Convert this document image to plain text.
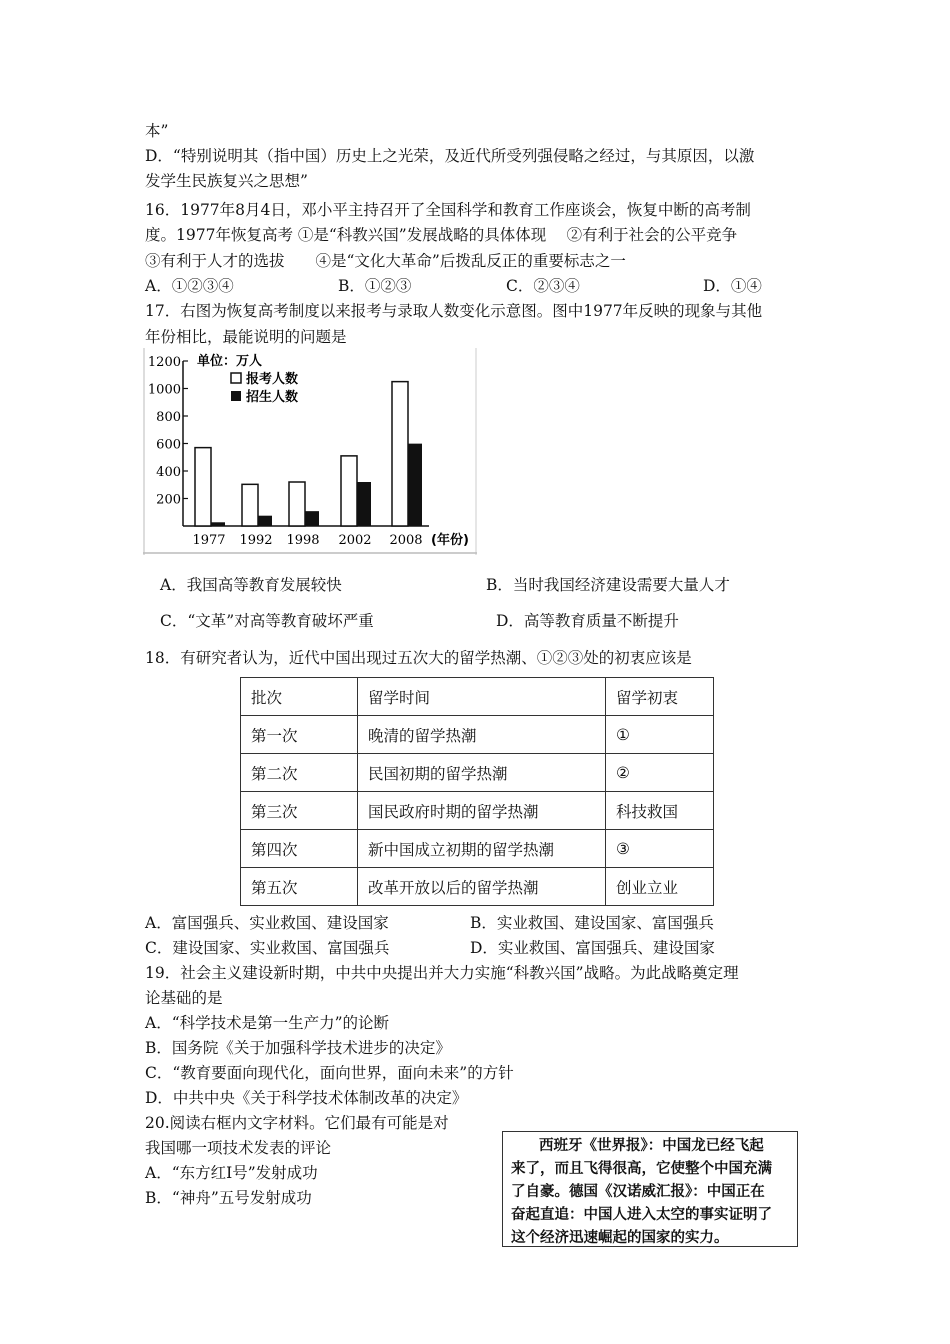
本”
D．“特别说明其（指中国）历史上之光荣，及近代所受列强侵略之经过，与其原因，以激
发学生民族复兴之思想”
16．1977年8月4日，邓小平主持召开了全国科学和教育工作座谈会，恢复中断的高考制
度。1977年恢复高考 ①是“科教兴国”发展战略的具体体现　 ②有利于社会的公平竞争
③有利于人才的选拔　　④是“文化大革命”后拨乱反正的重要标志之一
A．①②③④	B．①②③	C．②③④	D．①④
17．右图为恢复高考制度以来报考与录取人数变化示意图。图中1977年反映的现象与其他
年份相比，最能说明的问题是
1200
1000
800
600
400
200
单位：万人
报考人数
招生人数
1977 1992 1998 2002 2008 (年份)
A．我国高等教育发展较快	B．当时我国经济建设需要大量人才
C．“文革”对高等教育破坏严重	D．高等教育质量不断提升
18．有研究者认为，近代中国出现过五次大的留学热潮、①②③处的初衷应该是
批次	留学时间	留学初衷
第一次	晚清的留学热潮	①
第二次	民国初期的留学热潮	②
第三次	国民政府时期的留学热潮	科技救国
第四次	新中国成立初期的留学热潮	③
第五次	改革开放以后的留学热潮	创业立业
A．富国强兵、实业救国、建设国家	B．实业救国、建设国家、富国强兵
C．建设国家、实业救国、富国强兵	D．实业救国、富国强兵、建设国家
19．社会主义建设新时期，中共中央提出并大力实施“科教兴国”战略。为此战略奠定理
论基础的是
A．“科学技术是第一生产力”的论断
B．国务院《关于加强科学技术进步的决定》
C．“教育要面向现代化，面向世界，面向未来”的方针
D．中共中央《关于科学技术体制改革的决定》
20.阅读右框内文字材料。它们最有可能是对
我国哪一项技术发表的评论
A．“东方红Ⅰ号”发射成功
B．“神舟”五号发射成功
西班牙《世界报》：中国龙已经飞起
来了，而且飞得很高，它使整个中国充满
了自豪。德国《汉诺威汇报》：中国正在
奋起直追：中国人进入太空的事实证明了
这个经济迅速崛起的国家的实力。
